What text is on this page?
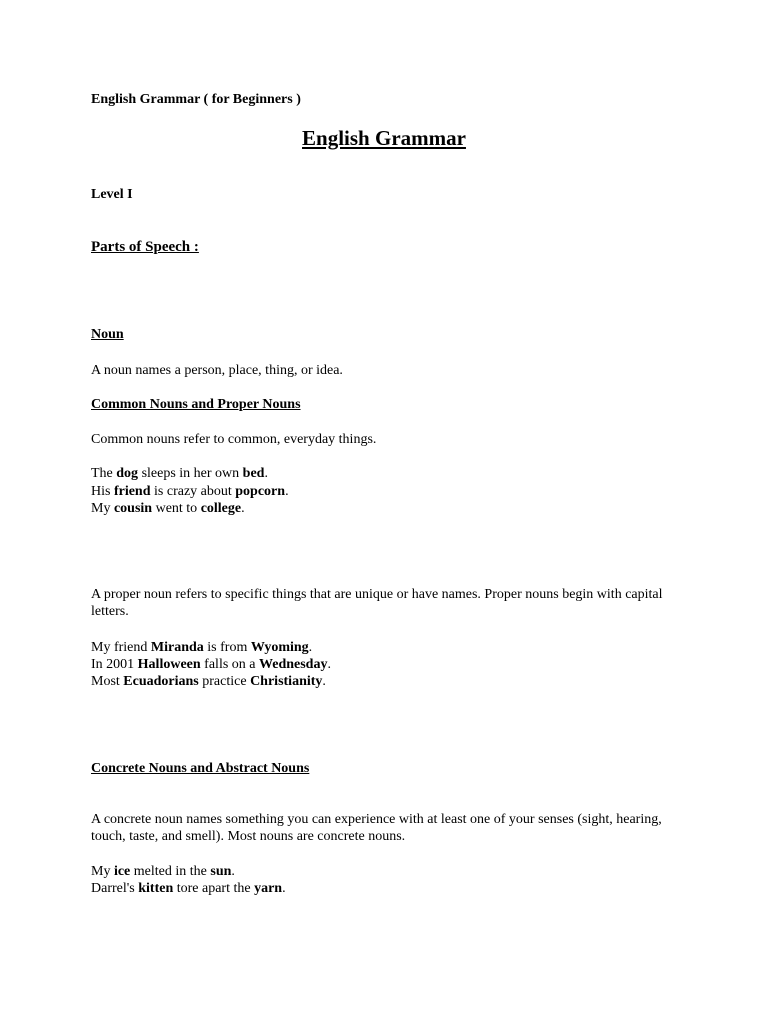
English Grammar ( for Beginners )
English Grammar
Level I
Parts of Speech :
Noun
A noun names a person, place, thing, or idea.
Common Nouns and Proper Nouns
Common nouns refer to common, everyday things.
The dog sleeps in her own bed.
His friend is crazy about popcorn.
My cousin went to college.
A proper noun refers to specific things that are unique or have names. Proper nouns begin with capital letters.
My friend Miranda is from Wyoming.
In 2001 Halloween falls on a Wednesday.
Most Ecuadorians practice Christianity.
Concrete Nouns and Abstract Nouns
A concrete noun names something you can experience with at least one of your senses (sight, hearing, touch, taste, and smell). Most nouns are concrete nouns.
My ice melted in the sun.
Darrel's kitten tore apart the yarn.
